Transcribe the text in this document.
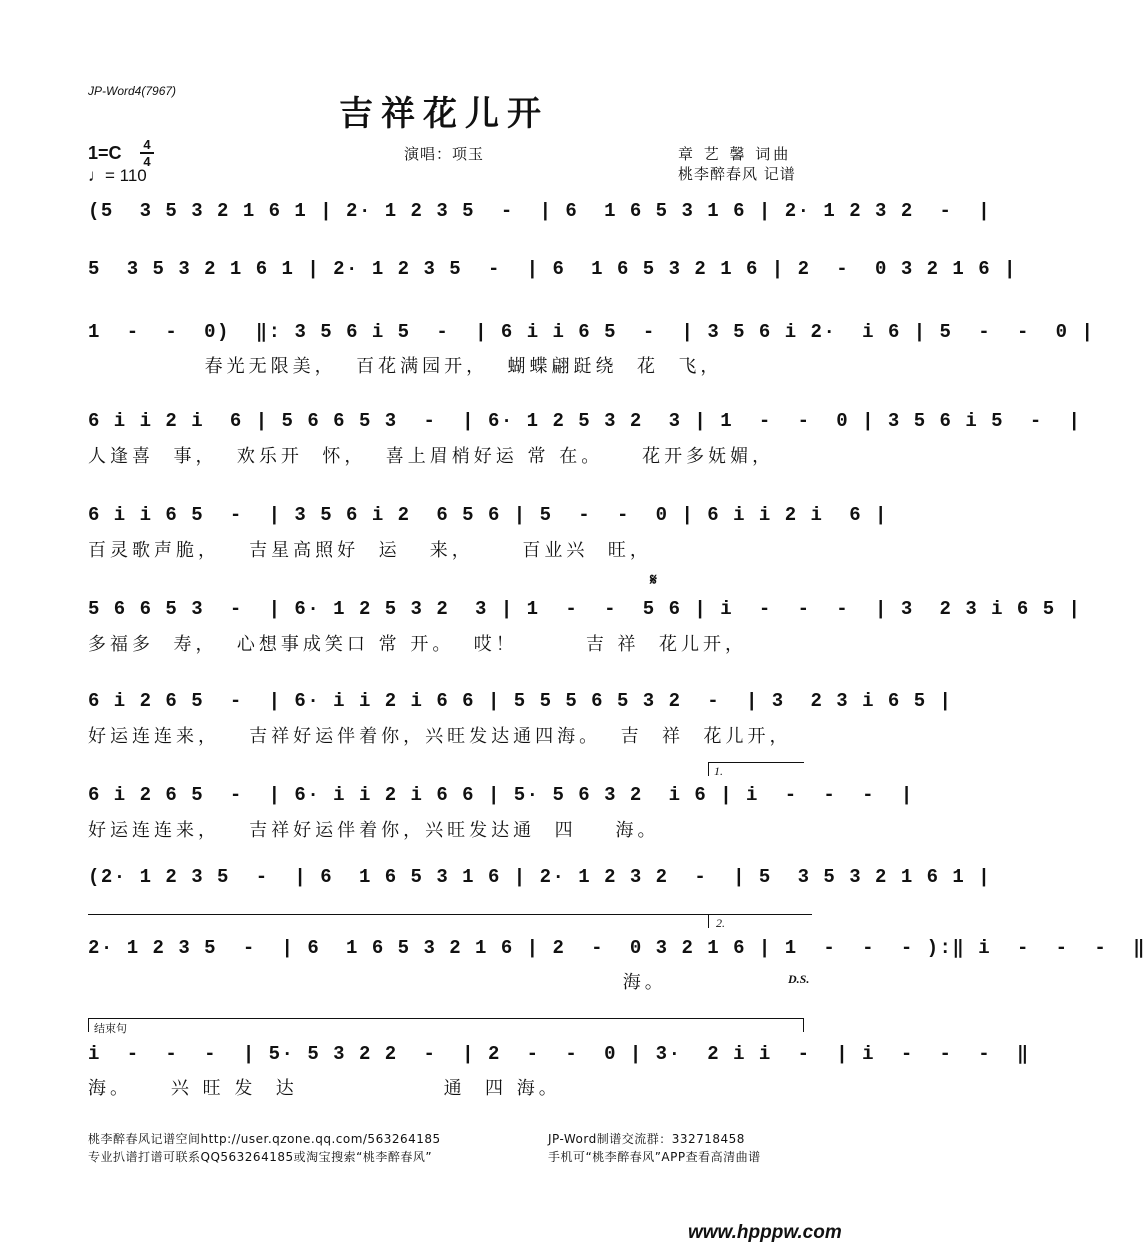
JP-Word4(7967)
吉祥花儿开
1=C 4
4
♩= 110
演唱：项玉	章 艺 馨 词曲
桃李醉春风 记谱
(5  3 5 3 2 1 6 1 | 2· 1 2 3 5  -  | 6  1 6 5 3 1 6 | 2· 1 2 3 2  -  |
5  3 5 3 2 1 6 1 | 2· 1 2 3 5  -  | 6  1 6 5 3 2 1 6 | 2  -  0 3 2 1 6 |
1  -  -  0)  ‖: 3 5 6 i 5  -  | 6 i i 6 5  -  | 3 5 6 i 2·  i 6 | 5  -  -  0 |
春光无限美，  百花满园开，  蝴蝶翩跹绕  花  飞，
6 i i 2 i  6 | 5 6 6 5 3  -  | 6· 1 2 5 3 2  3 | 1  -  -  0 | 3 5 6 i 5  -  |
人逢喜  事，  欢乐开  怀，  喜上眉梢好运 常 在。    花开多妩媚，
6 i i 6 5  -  | 3 5 6 i 2  6 5 6 | 5  -  -  0 | 6 i i 2 i  6 |
百灵歌声脆，   吉星高照好  运   来，     百业兴  旺，
𝄋
5 6 6 5 3  -  | 6· 1 2 5 3 2  3 | 1  -  -  5 6 | i  -  -  -  | 3  2 3 i 6 5 |
多福多  寿，  心想事成笑口 常 开。  哎！       吉 祥  花儿开，
6 i 2 6 5  -  | 6· i i 2 i 6 6 | 5 5 5 6 5 3 2  -  | 3  2 3 i 6 5 |
好运连连来，   吉祥好运伴着你，兴旺发达通四海。  吉  祥  花儿开，
1.
6 i 2 6 5  -  | 6· i i 2 i 6 6 | 5· 5 6 3 2  i 6 | i  -  -  -  |
好运连连来，   吉祥好运伴着你，兴旺发达通  四    海。
(2· 1 2 3 5  -  | 6  1 6 5 3 1 6 | 2· 1 2 3 2  -  | 5  3 5 3 2 1 6 1 |
2.
2· 1 2 3 5  -  | 6  1 6 5 3 2 1 6 | 2  -  0 3 2 1 6 | 1  -  -  - ):‖ i  -  -  -  ‖
海。	D.S.
结束句
i  -  -  -  | 5· 5 3 2 2  -  | 2  -  -  0 | 3·  2 i i  -  | i  -  -  -  ‖
海。    兴 旺 发  达               通  四 海。
桃李醉春风记谱空间http://user.qzone.qq.com/563264185
专业扒谱打谱可联系QQ563264185或淘宝搜索“桃李醉春风”
JP-Word制谱交流群：332718458
手机可“桃李醉春风”APP查看高清曲谱
www.hpppw.com
